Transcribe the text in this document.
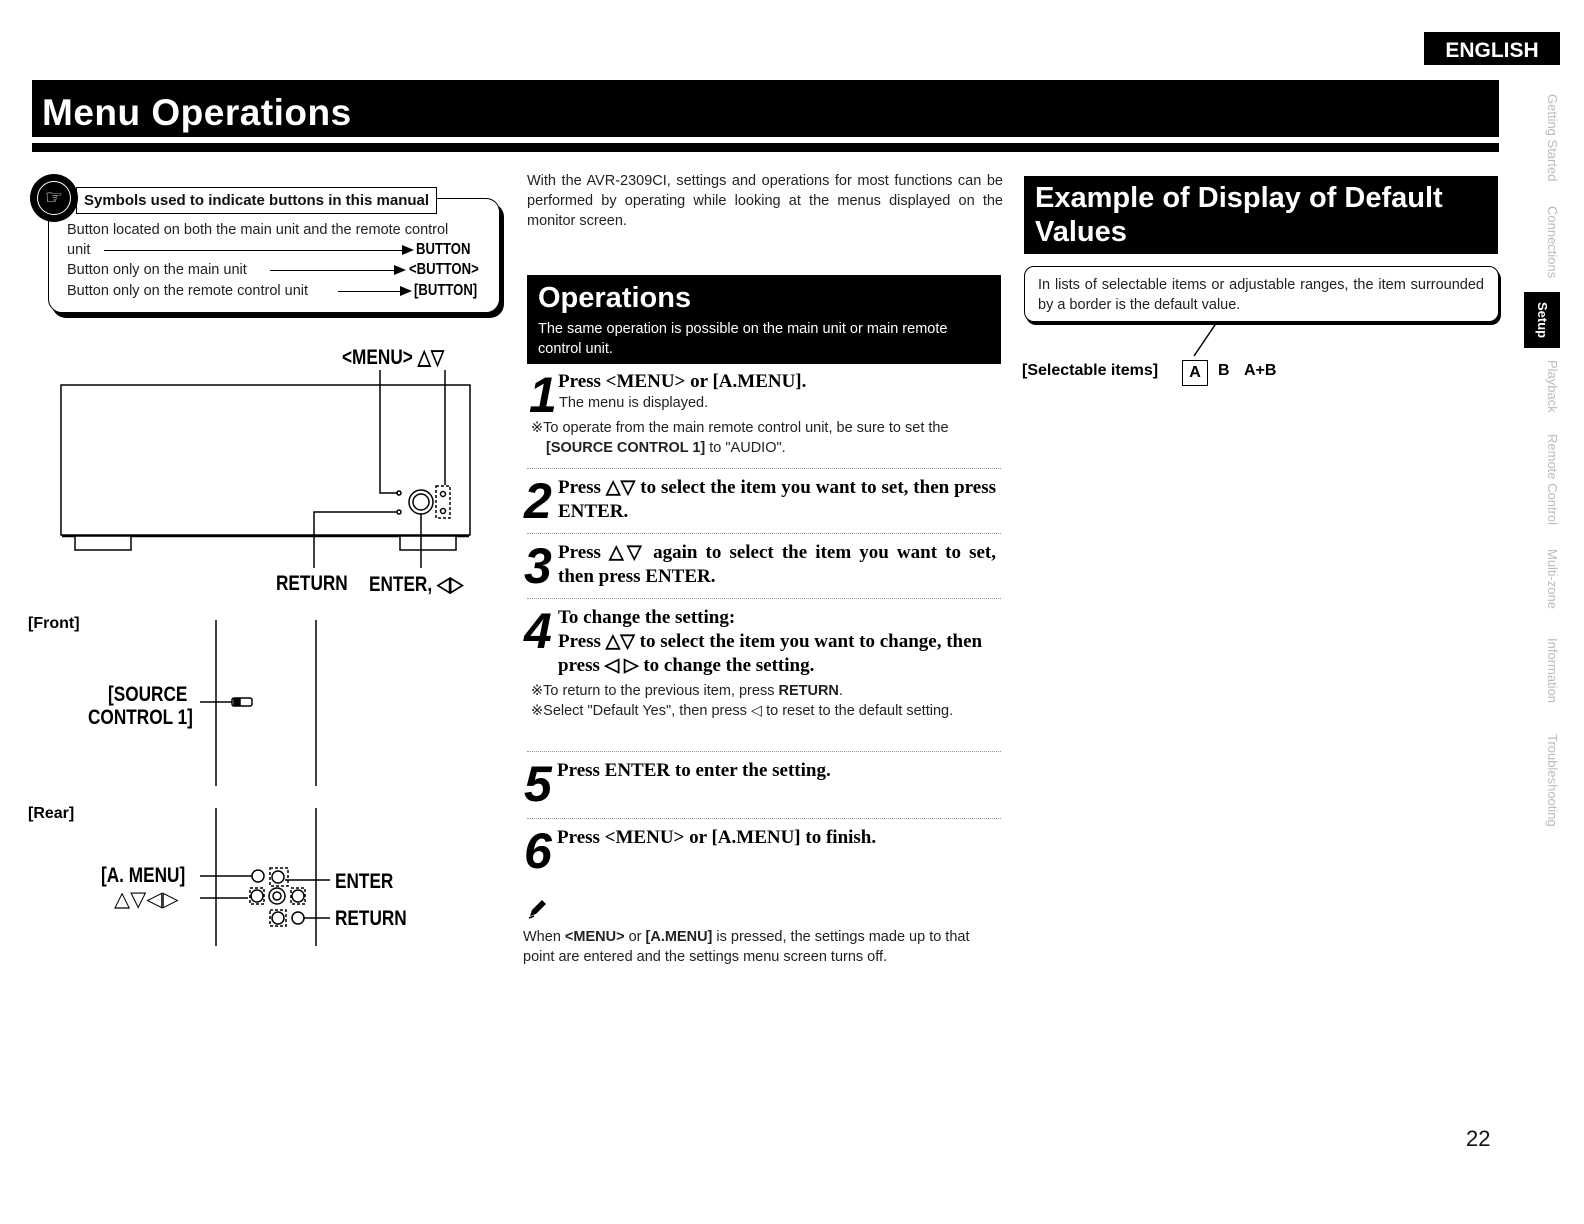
ENGLISH
Menu Operations
☞	Symbols used to indicate buttons in this manual
Button located on both the main unit and the remote control
unit	BUTTON
Button only on the main unit	<BUTTON>
Button only on the remote control unit	[BUTTON]
<MENU> △▽
RETURN	ENTER, ◁▷
[Front]
[SOURCE
CONTROL 1]
[Rear]
[A. MENU]
△▽◁▷
ENTER
RETURN
With the AVR-2309CI, settings and operations for most functions can be performed by operating while looking at the menus displayed on the monitor screen.
Operations
The same operation is possible on the main unit or main remote control unit.
1 Press <MENU> or [A.MENU].
The menu is displayed.
※To operate from the main remote control unit, be sure to set the
[SOURCE CONTROL 1] to "AUDIO".
2 Press △▽ to select the item you want to set, then press ENTER.
3 Press △▽ again to select the item you want to set, then press ENTER.
4 To change the setting:
Press △▽ to select the item you want to change, then press ◁ ▷ to change the setting.
※To return to the previous item, press RETURN.
※Select "Default Yes", then press ◁ to reset to the default setting.
5 Press ENTER to enter the setting.
6 Press <MENU> or [A.MENU] to finish.
When <MENU> or [A.MENU] is pressed, the settings made up to that point are entered and the settings menu screen turns off.
Example of Display of Default Values
In lists of selectable items or adjustable ranges, the item surrounded by a border is the default value.
[Selectable items]	A	B A+B
Getting Started
Connections
Setup
Playback
Remote Control
Multi-zone
Information
Troubleshooting
22
